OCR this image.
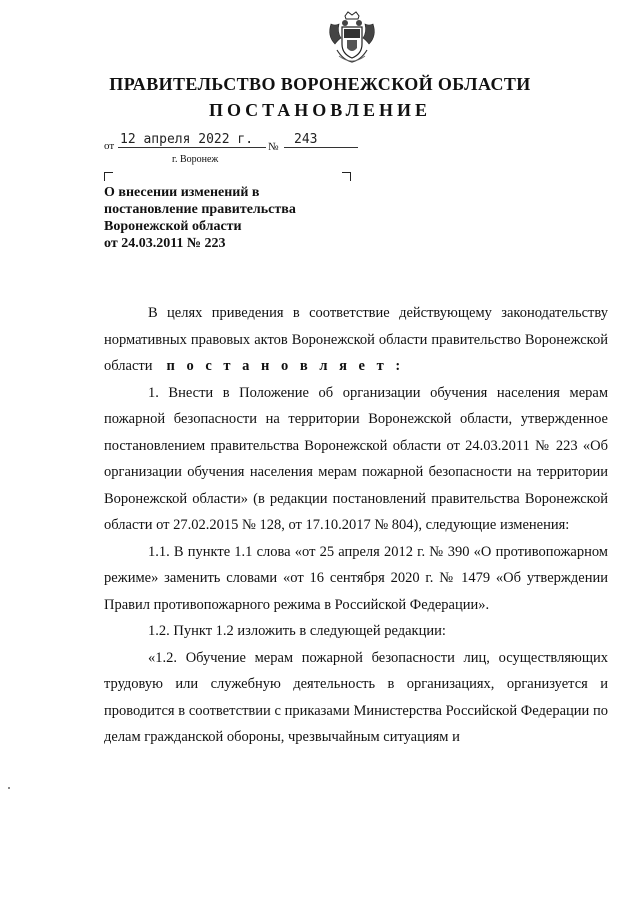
ПРАВИТЕЛЬСТВО ВОРОНЕЖСКОЙ ОБЛАСТИ
ПОСТАНОВЛЕНИЕ
от 12 апреля 2022 г. № 243
г. Воронеж
О внесении изменений в
постановление правительства
Воронежской области
от 24.03.2011 № 223

В целях приведения в соответствие действующему законодательству нормативных правовых актов Воронежской области правительство Воронежской области п о с т а н о в л я е т :

1. Внести в Положение об организации обучения населения мерам пожарной безопасности на территории Воронежской области, утвержденное постановлением правительства Воронежской области от 24.03.2011 № 223 «Об организации обучения населения мерам пожарной безопасности на территории Воронежской области» (в редакции постановлений правительства Воронежской области от 27.02.2015 № 128, от 17.10.2017 № 804), следующие изменения:

1.1. В пункте 1.1 слова «от 25 апреля 2012 г. № 390 «О противопожарном режиме» заменить словами «от 16 сентября 2020 г. № 1479 «Об утверждении Правил противопожарного режима в Российской Федерации».

1.2. Пункт 1.2 изложить в следующей редакции:

«1.2. Обучение мерам пожарной безопасности лиц, осуществляющих трудовую или служебную деятельность в организациях, организуется и проводится в соответствии с приказами Министерства Российской Федерации по делам гражданской обороны, чрезвычайным ситуациям и
